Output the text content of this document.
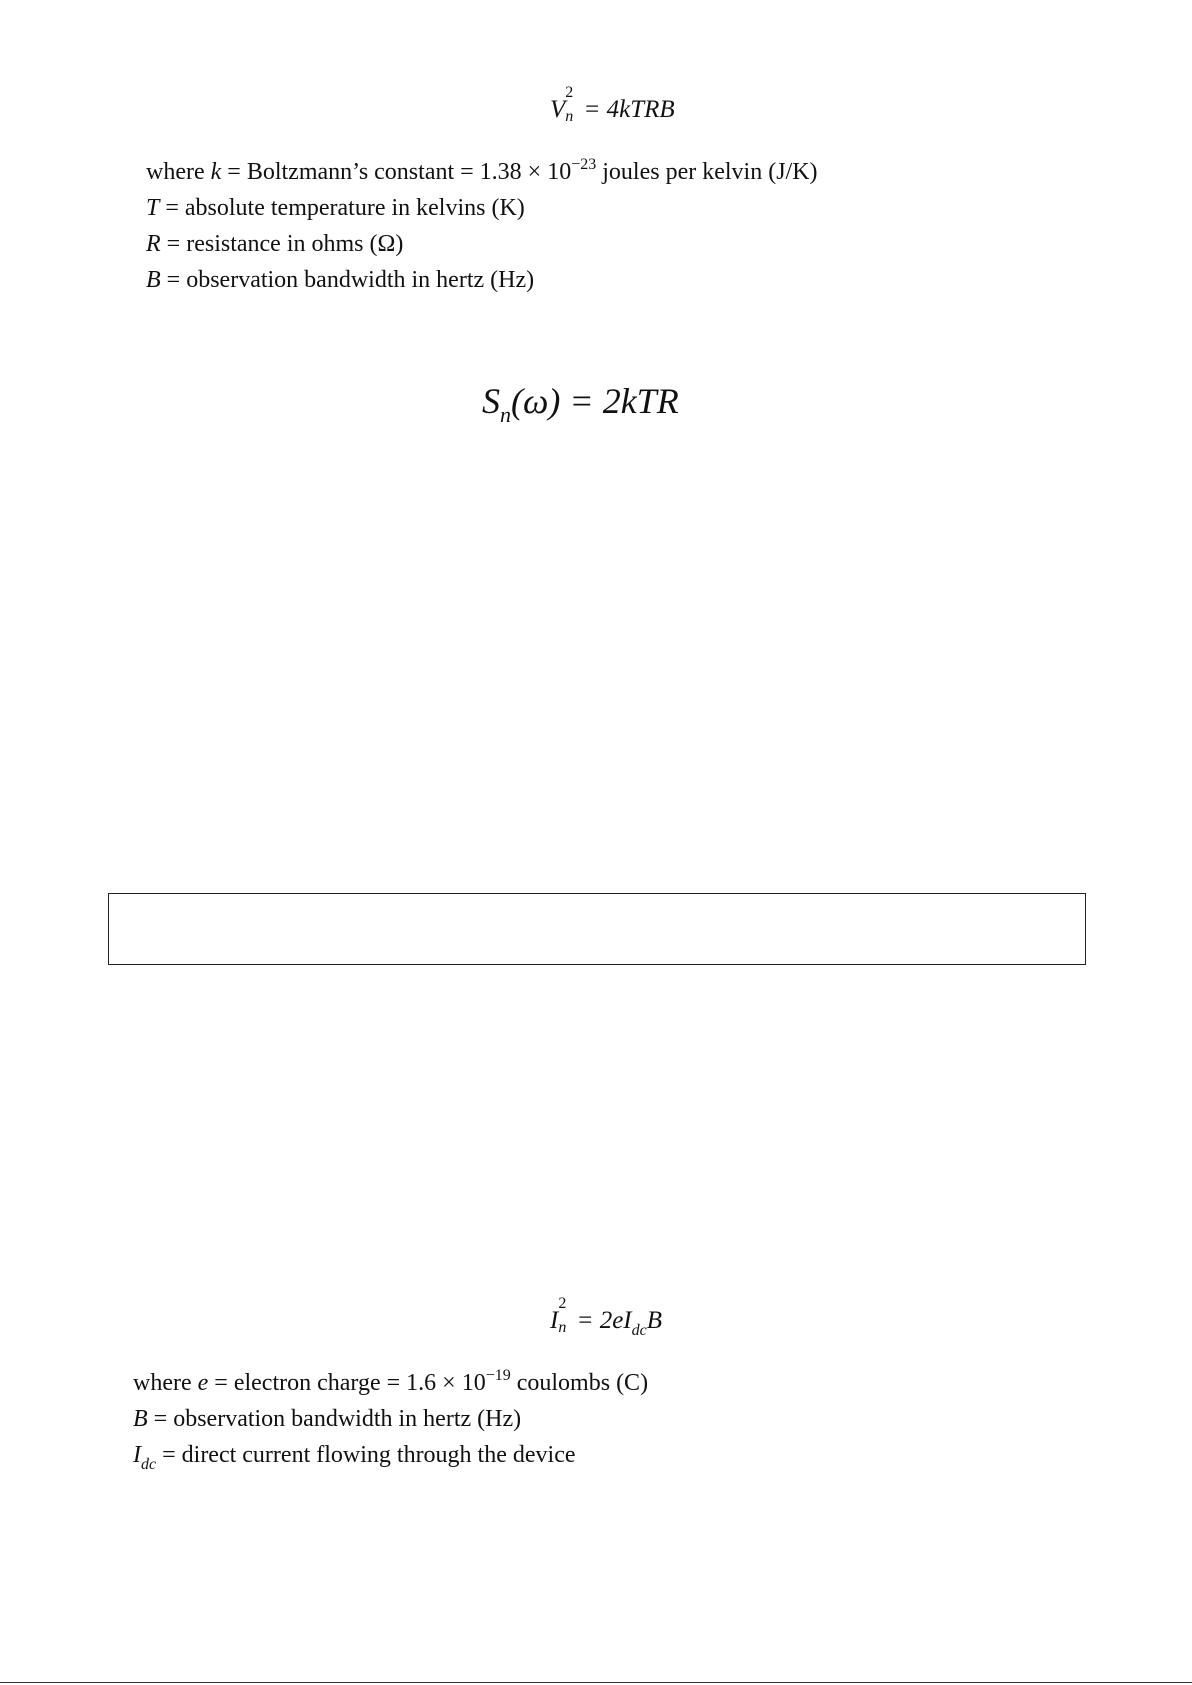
V
2
n = 4kTRB
where k = Boltzmann’s constant = $1.38 \times 10^{-23}$ joules per kelvin (J/K)
T = absolute temperature in kelvins (K)
R = resistance in ohms (Ω)
B = observation bandwidth in hertz (Hz)
$S_n(\omega) = 2kTR$
I
2
$n = 2eI_{dc}B$
where e = electron charge = $1.6 \times 10^{-19}$ coulombs (C)
B = observation bandwidth in hertz (Hz)
$I_{dc}$ = direct current flowing through the device
